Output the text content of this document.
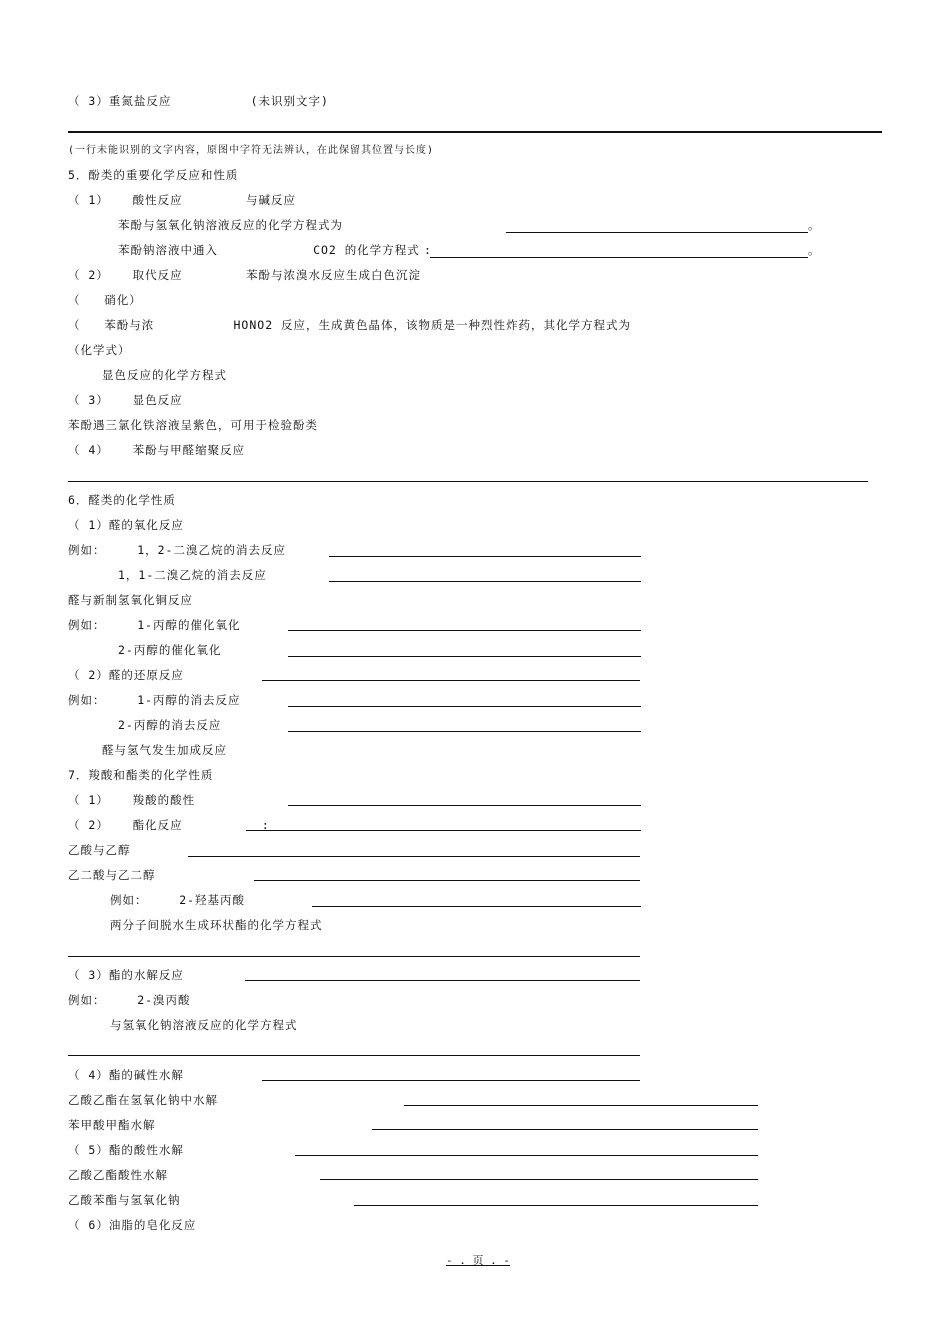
（ 3）重氮盐反应          (未识别文字)
(一行未能识别的文字内容，原图中字符无法辨认，在此保留其位置与长度)
5．酚类的重要化学反应和性质
（ 1）   酸性反应        与碱反应
苯酚与氢氧化钠溶液反应的化学方程式为	。
苯酚钠溶液中通入            CO2 的化学方程式 :	。
（ 2）   取代反应        苯酚与浓溴水反应生成白色沉淀
（   硝化）
（   苯酚与浓          HONO2 反应，生成黄色晶体，该物质是一种烈性炸药，其化学方程式为
（化学式）
显色反应的化学方程式
（ 3）   显色反应
苯酚遇三氯化铁溶液呈紫色，可用于检验酚类
（ 4）   苯酚与甲醛缩聚反应
6．醛类的化学性质
（ 1）醛的氧化反应
例如：    1，2-二溴乙烷的消去反应
1，1-二溴乙烷的消去反应
醛与新制氢氧化铜反应
例如：    1-丙醇的催化氧化
2-丙醇的催化氧化
（ 2）醛的还原反应
例如：    1-丙醇的消去反应
2-丙醇的消去反应
醛与氢气发生加成反应
7．羧酸和酯类的化学性质
（ 1）   羧酸的酸性
（ 2）   酯化反应          :
乙酸与乙醇
乙二酸与乙二醇
例如：    2-羟基丙酸
两分子间脱水生成环状酯的化学方程式
（ 3）酯的水解反应
例如：    2-溴丙酸
与氢氧化钠溶液反应的化学方程式
（ 4）酯的碱性水解
乙酸乙酯在氢氧化钠中水解
苯甲酸甲酯水解
（ 5）酯的酸性水解
乙酸乙酯酸性水解
乙酸苯酯与氢氧化钠
（ 6）油脂的皂化反应
- . 页 . -
